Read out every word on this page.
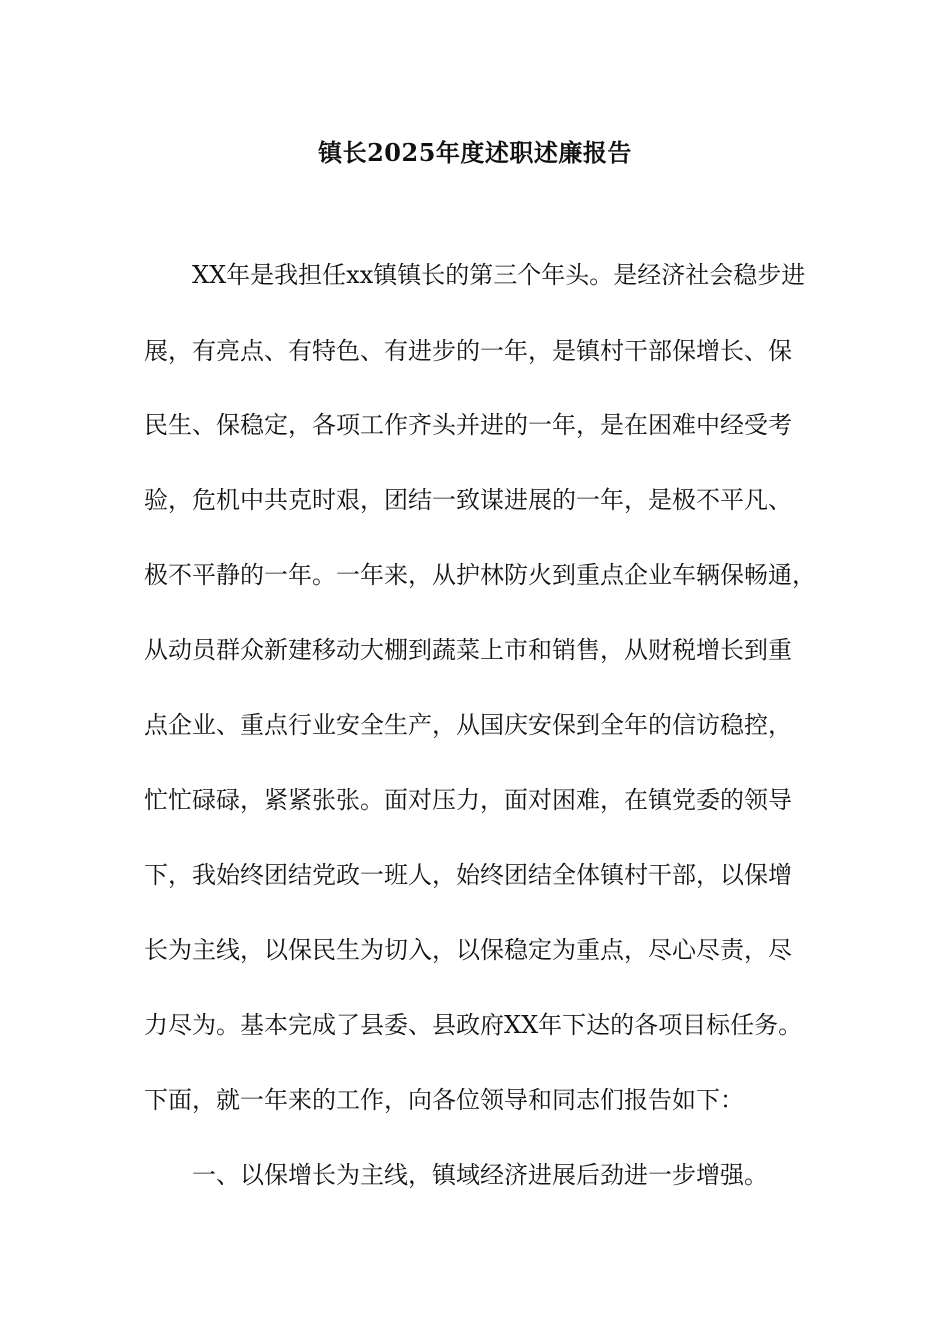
镇长2025年度述职述廉报告
XX年是我担任xx镇镇长的第三个年头。是经济社会稳步进
展，有亮点、有特色、有进步的一年，是镇村干部保增长、保
民生、保稳定，各项工作齐头并进的一年，是在困难中经受考
验，危机中共克时艰，团结一致谋进展的一年，是极不平凡、
极不平静的一年。一年来，从护林防火到重点企业车辆保畅通，
从动员群众新建移动大棚到蔬菜上市和销售，从财税增长到重
点企业、重点行业安全生产，从国庆安保到全年的信访稳控，
忙忙碌碌，紧紧张张。面对压力，面对困难，在镇党委的领导
下，我始终团结党政一班人，始终团结全体镇村干部，以保增
长为主线，以保民生为切入，以保稳定为重点，尽心尽责，尽
力尽为。基本完成了县委、县政府XX年下达的各项目标任务。
下面，就一年来的工作，向各位领导和同志们报告如下：
一、以保增长为主线，镇域经济进展后劲进一步增强。
